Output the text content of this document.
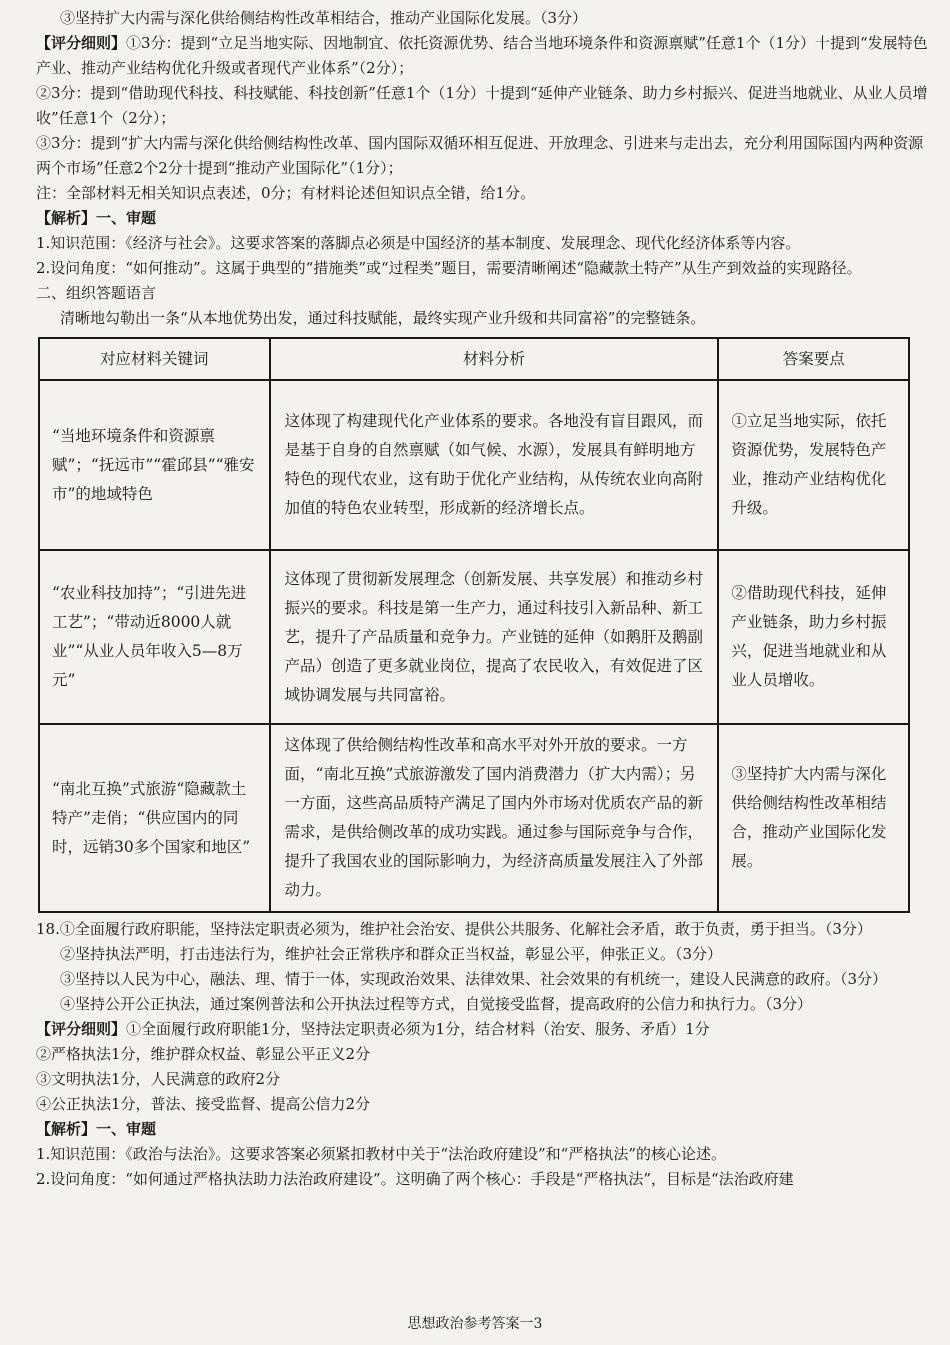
③坚持扩大内需与深化供给侧结构性改革相结合，推动产业国际化发展。（3分）

【评分细则】①3分：提到“立足当地实际、因地制宜、依托资源优势、结合当地环境条件和资源禀赋”任意1个（1分）十提到“发展特色产业、推动产业结构优化升级或者现代产业体系”（2分）；

②3分：提到“借助现代科技、科技赋能、科技创新”任意1个（1分）十提到“延伸产业链条、助力乡村振兴、促进当地就业、从业人员增收”任意1个（2分）；

③3分：提到“扩大内需与深化供给侧结构性改革、国内国际双循环相互促进、开放理念、引进来与走出去，充分利用国际国内两种资源两个市场”任意2个2分十提到“推动产业国际化”（1分）；

注：全部材料无相关知识点表述，0分；有材料论述但知识点全错，给1分。

【解析】一、审题

1.知识范围：《经济与社会》。这要求答案的落脚点必须是中国经济的基本制度、发展理念、现代化经济体系等内容。

2.设问角度：“如何推动”。这属于典型的“措施类”或“过程类”题目，需要清晰阐述“隐藏款土特产”从生产到效益的实现路径。

二、组织答题语言

清晰地勾勒出一条“从本地优势出发，通过科技赋能，最终实现产业升级和共同富裕”的完整链条。

对应材料关键词	材料分析	答案要点
“当地环境条件和资源禀赋”；“抚远市”“霍邱县”“雅安市”的地域特色	这体现了构建现代化产业体系的要求。各地没有盲目跟风，而是基于自身的自然禀赋（如气候、水源），发展具有鲜明地方特色的现代农业，这有助于优化产业结构，从传统农业向高附加值的特色农业转型，形成新的经济增长点。	①立足当地实际，依托资源优势，发展特色产业，推动产业结构优化升级。
“农业科技加持”；“引进先进工艺”；“带动近8000人就业”“从业人员年收入5—8万元”	这体现了贯彻新发展理念（创新发展、共享发展）和推动乡村振兴的要求。科技是第一生产力，通过科技引入新品种、新工艺，提升了产品质量和竞争力。产业链的延伸（如鹅肝及鹅副产品）创造了更多就业岗位，提高了农民收入，有效促进了区域协调发展与共同富裕。	②借助现代科技，延伸产业链条，助力乡村振兴，促进当地就业和从业人员增收。
“南北互换”式旅游“隐藏款土特产”走俏；“供应国内的同时，远销30多个国家和地区”	这体现了供给侧结构性改革和高水平对外开放的要求。一方面，“南北互换”式旅游激发了国内消费潜力（扩大内需）；另一方面，这些高品质特产满足了国内外市场对优质农产品的新需求，是供给侧改革的成功实践。通过参与国际竞争与合作，提升了我国农业的国际影响力，为经济高质量发展注入了外部动力。	③坚持扩大内需与深化供给侧结构性改革相结合，推动产业国际化发展。

18.①全面履行政府职能，坚持法定职责必须为，维护社会治安、提供公共服务、化解社会矛盾，敢于负责，勇于担当。（3分）

②坚持执法严明，打击违法行为，维护社会正常秩序和群众正当权益，彰显公平，伸张正义。（3分）

③坚持以人民为中心，融法、理、情于一体，实现政治效果、法律效果、社会效果的有机统一，建设人民满意的政府。（3分）

④坚持公开公正执法，通过案例普法和公开执法过程等方式，自觉接受监督，提高政府的公信力和执行力。（3分）

【评分细则】①全面履行政府职能1分，坚持法定职责必须为1分，结合材料（治安、服务、矛盾）1分

②严格执法1分，维护群众权益、彰显公平正义2分

③文明执法1分，人民满意的政府2分

④公正执法1分，普法、接受监督、提高公信力2分

【解析】一、审题

1.知识范围：《政治与法治》。这要求答案必须紧扣教材中关于“法治政府建设”和“严格执法”的核心论述。

2.设问角度：“如何通过严格执法助力法治政府建设”。这明确了两个核心：手段是“严格执法”，目标是“法治政府建

思想政治参考答案一3
